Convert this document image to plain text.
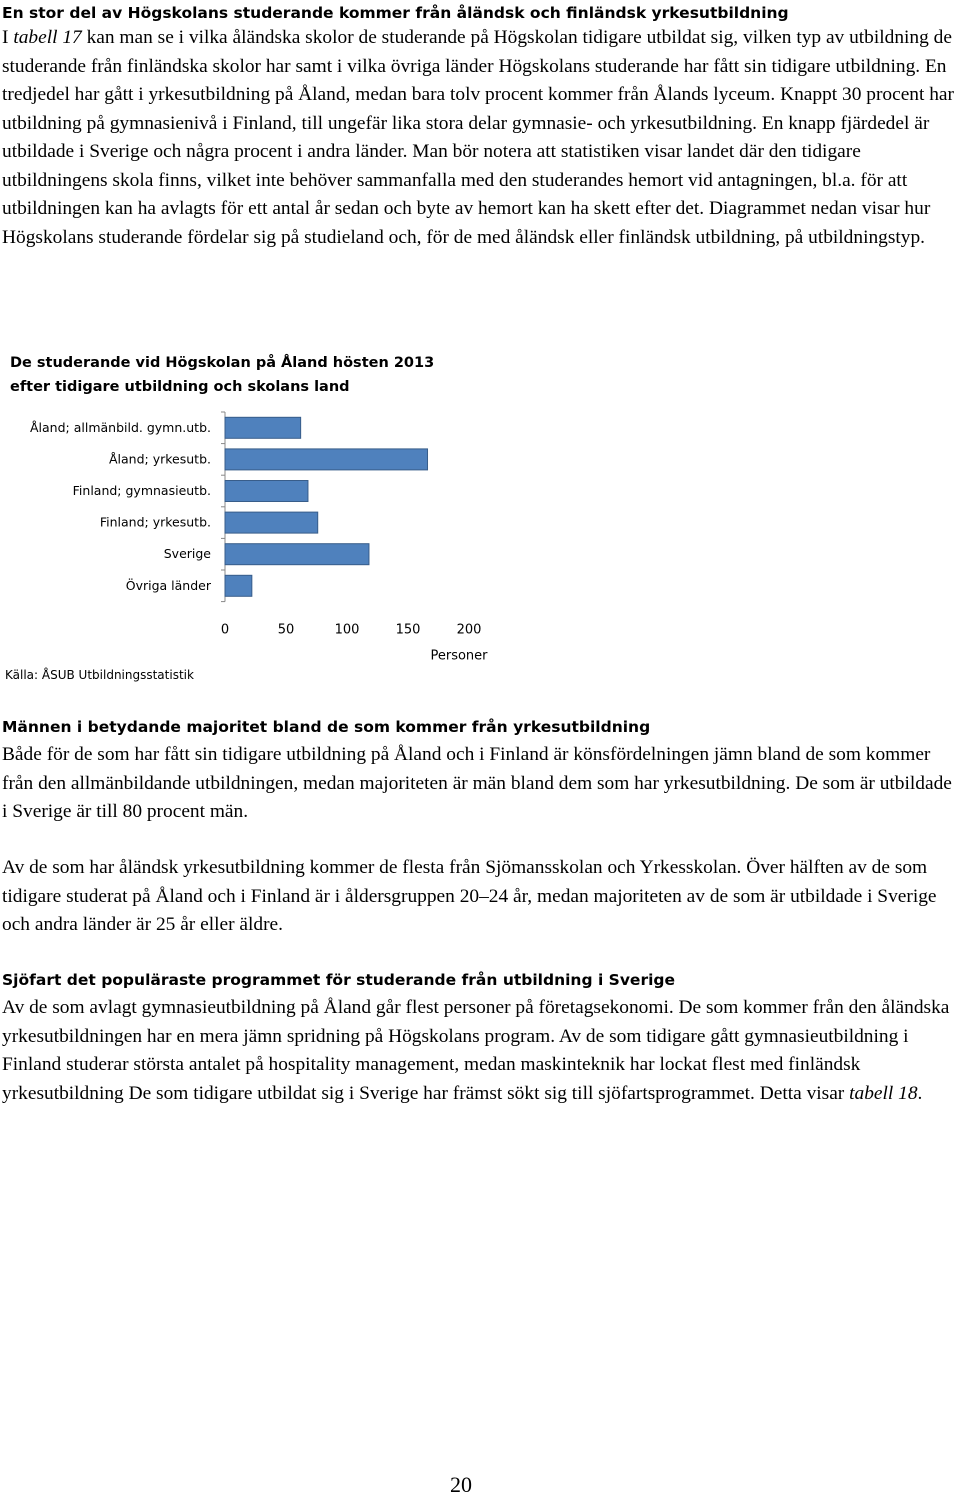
En stor del av Högskolans studerande kommer från åländsk och finländsk yrkesutbildning

I tabell 17 kan man se i vilka åländska skolor de studerande på Högskolan tidigare utbildat sig, vilken typ av utbildning de studerande från finländska skolor har samt i vilka övriga länder Högskolans studerande har fått sin tidigare utbildning. En tredjedel har gått i yrkesutbildning på Åland, medan bara tolv procent kommer från Ålands lyceum. Knappt 30 procent har utbildning på gymnasienivå i Finland, till ungefär lika stora delar gymnasie- och yrkesutbildning. En knapp fjärdedel är utbildade i Sverige och några procent i andra länder. Man bör notera att statistiken visar landet där den tidigare utbildningens skola finns, vilket inte behöver sammanfalla med den studerandes hemort vid antagningen, bl.a. för att utbildningen kan ha avlagts för ett antal år sedan och byte av hemort kan ha skett efter det. Diagrammet nedan visar hur Högskolans studerande fördelar sig på studieland och, för de med åländsk eller finländsk utbildning, på utbildningstyp.

De studerande vid Högskolan på Åland hösten 2013
efter tidigare utbildning och skolans land
Åland; allmänbild. gymn.utb.
Åland; yrkesutb.
Finland; gymnasieutb.
Finland; yrkesutb.
Sverige
Övriga länder
0	50	100	150	200
Personer
Källa: ÅSUB Utbildningsstatistik
Männen i betydande majoritet bland de som kommer från yrkesutbildning

Både för de som har fått sin tidigare utbildning på Åland och i Finland är könsfördelningen jämn bland de som kommer från den allmänbildande utbildningen, medan majoriteten är män bland dem som har yrkesutbildning. De som är utbildade i Sverige är till 80 procent män.

Av de som har åländsk yrkesutbildning kommer de flesta från Sjömansskolan och Yrkesskolan. Över hälften av de som tidigare studerat på Åland och i Finland är i åldersgruppen 20–24 år, medan majoriteten av de som är utbildade i Sverige och andra länder är 25 år eller äldre.

Sjöfart det populäraste programmet för studerande från utbildning i Sverige

Av de som avlagt gymnasieutbildning på Åland går flest personer på företagsekonomi. De som kommer från den åländska yrkesutbildningen har en mera jämn spridning på Högskolans program. Av de som tidigare gått gymnasieutbildning i Finland studerar största antalet på hospitality management, medan maskinteknik har lockat flest med finländsk yrkesutbildning De som tidigare utbildat sig i Sverige har främst sökt sig till sjöfartsprogrammet. Detta visar tabell 18.

20
